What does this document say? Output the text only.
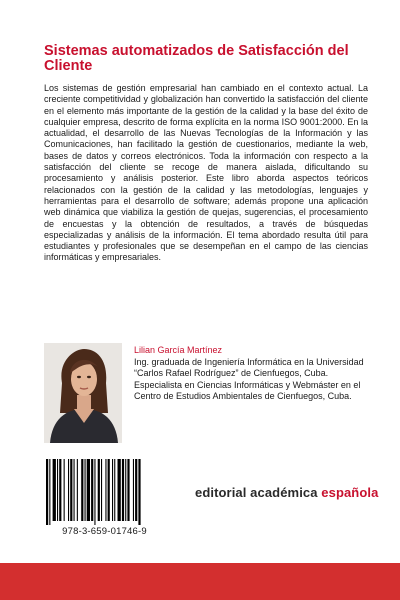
Sistemas automatizados de Satisfacción del Cliente

Los sistemas de gestión empresarial han cambiado en el contexto actual. La creciente competitividad y globalización han convertido la satisfacción del cliente en el elemento más importante de la gestión de la calidad y la base del éxito de cualquier empresa, descrito de forma explícita en la norma ISO 9001:2000. En la actualidad, el desarrollo de las Nuevas Tecnologías de la Información y las Comunicaciones, han facilitado la gestión de cuestionarios, mediante la web, bases de datos y correos electrónicos. Toda la información con respecto a la satisfacción del cliente se recoge de manera aislada, dificultando su procesamiento y análisis posterior. Este libro aborda aspectos teóricos relacionados con la gestión de la calidad y las metodologías, lenguajes y herramientas para el desarrollo de software; además propone una aplicación web dinámica que viabiliza la gestión de quejas, sugerencias, el procesamiento de encuestas y la obtención de resultados, a través de búsquedas especializadas y análisis de la información. El tema abordado resulta útil para estudiantes y profesionales que se desempeñan en el campo de las ciencias informáticas y empresariales.

Lilian García Martínez

Ing. graduada de Ingeniería Informática en la Universidad “Carlos Rafael Rodríguez” de Cienfuegos, Cuba. Especialista en Ciencias Informáticas y Webmáster en el Centro de Estudios Ambientales de Cienfuegos, Cuba.

978-3-659-01746-9
editorial académica española
